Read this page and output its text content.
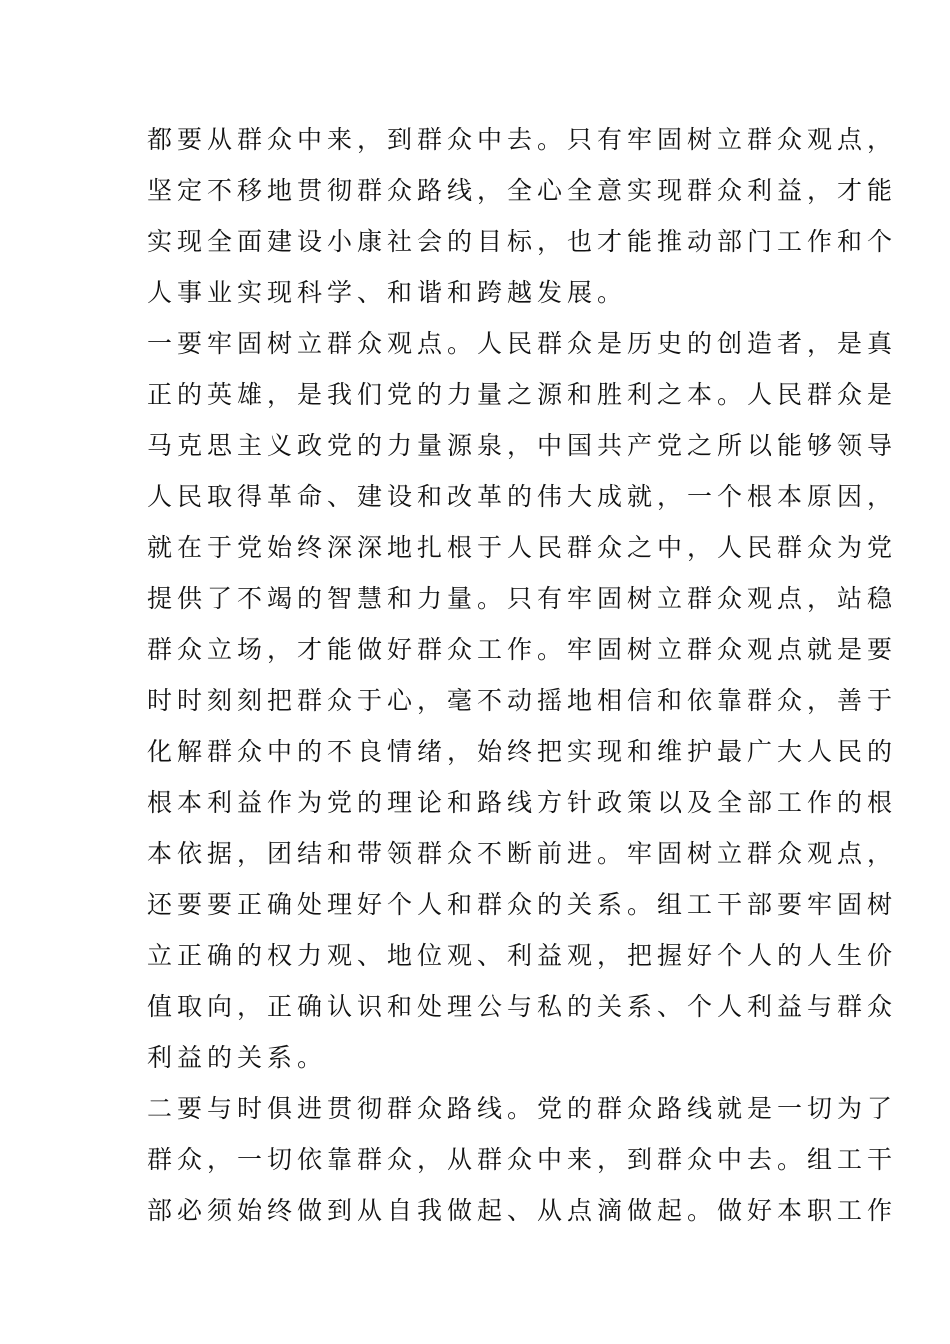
都要从群众中来，到群众中去。只有牢固树立群众观点，
坚定不移地贯彻群众路线，全心全意实现群众利益，才能
实现全面建设小康社会的目标，也才能推动部门工作和个
人事业实现科学、和谐和跨越发展。
一要牢固树立群众观点。人民群众是历史的创造者，是真
正的英雄，是我们党的力量之源和胜利之本。人民群众是
马克思主义政党的力量源泉，中国共产党之所以能够领导
人民取得革命、建设和改革的伟大成就，一个根本原因，
就在于党始终深深地扎根于人民群众之中，人民群众为党
提供了不竭的智慧和力量。只有牢固树立群众观点，站稳
群众立场，才能做好群众工作。牢固树立群众观点就是要
时时刻刻把群众于心，毫不动摇地相信和依靠群众，善于
化解群众中的不良情绪，始终把实现和维护最广大人民的
根本利益作为党的理论和路线方针政策以及全部工作的根
本依据，团结和带领群众不断前进。牢固树立群众观点，
还要要正确处理好个人和群众的关系。组工干部要牢固树
立正确的权力观、地位观、利益观，把握好个人的人生价
值取向，正确认识和处理公与私的关系、个人利益与群众
利益的关系。
二要与时俱进贯彻群众路线。党的群众路线就是一切为了
群众，一切依靠群众，从群众中来，到群众中去。组工干
部必须始终做到从自我做起、从点滴做起。做好本职工作
